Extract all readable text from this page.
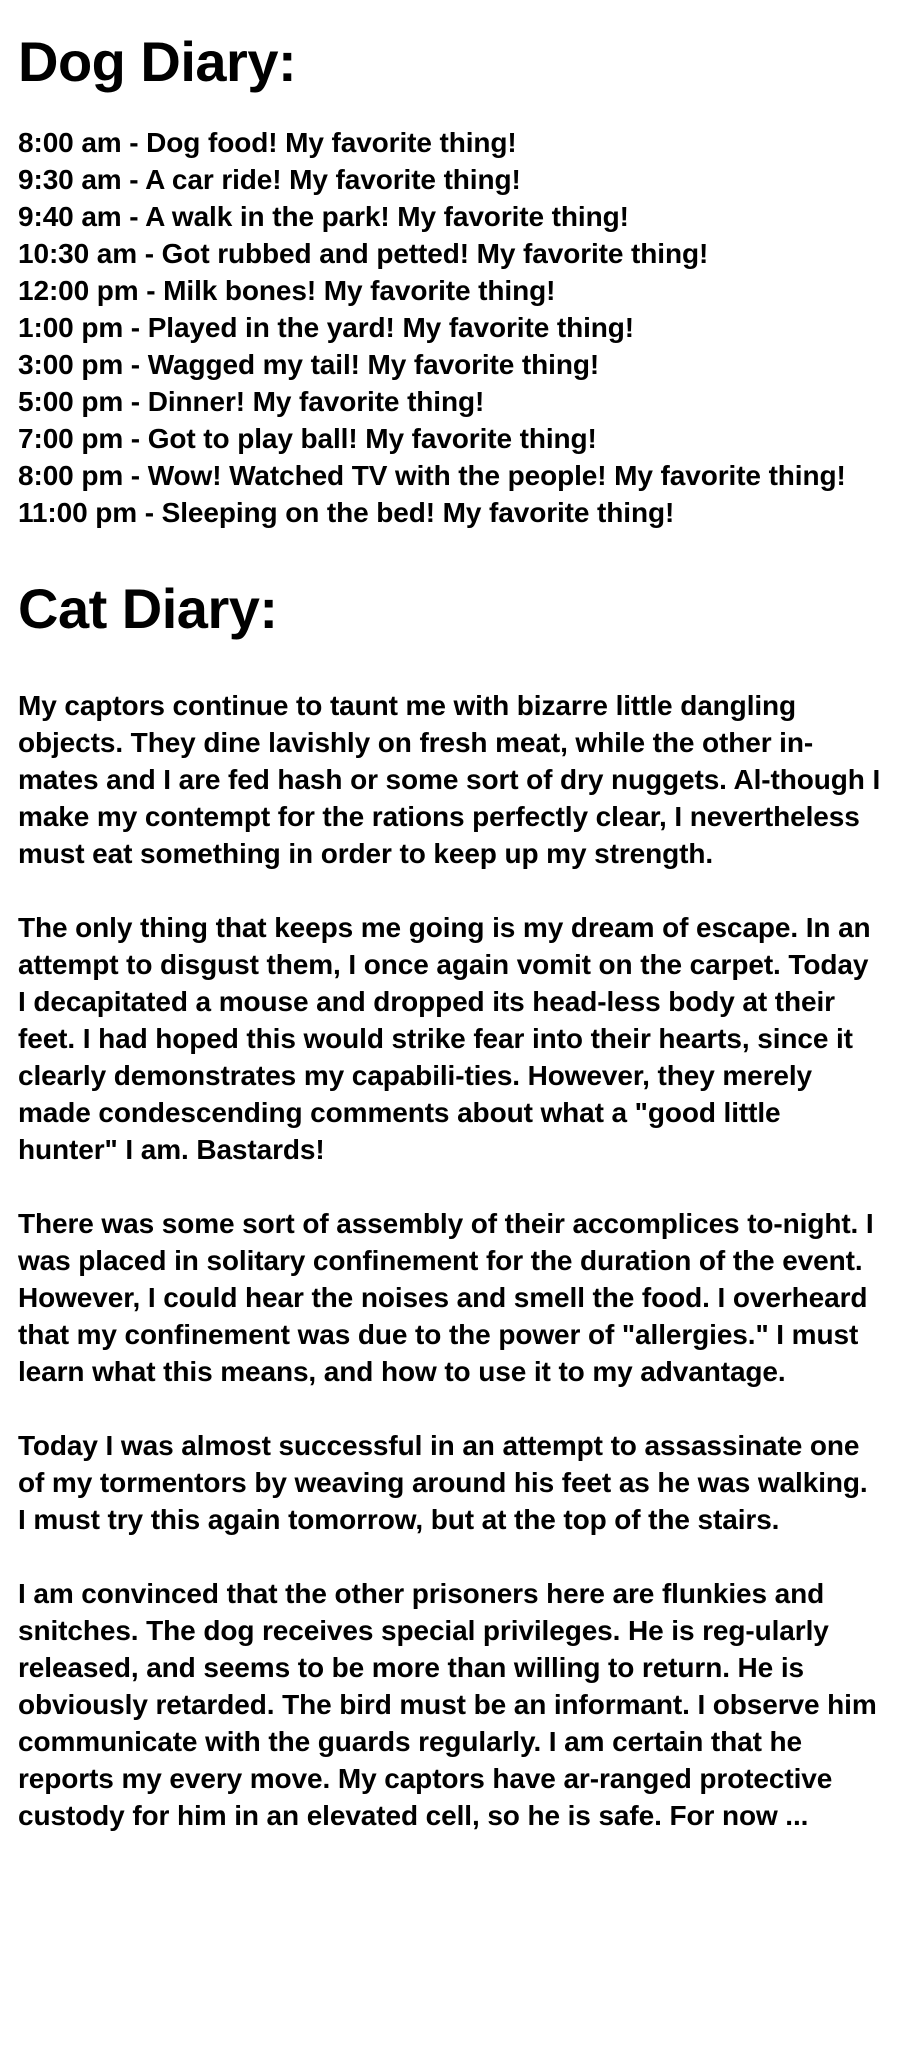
Dog Diary:
8:00 am - Dog food! My favorite thing!
9:30 am - A car ride! My favorite thing!
9:40 am - A walk in the park! My favorite thing!
10:30 am - Got rubbed and petted! My favorite thing!
12:00 pm - Milk bones! My favorite thing!
1:00 pm - Played in the yard! My favorite thing!
3:00 pm - Wagged my tail! My favorite thing!
5:00 pm - Dinner! My favorite thing!
7:00 pm - Got to play ball! My favorite thing!
8:00 pm - Wow! Watched TV with the people! My favorite thing!
11:00 pm - Sleeping on the bed! My favorite thing!
Cat Diary:

My captors continue to taunt me with bizarre little dangling objects. They dine lavishly on fresh meat, while the other in-mates and I are fed hash or some sort of dry nuggets. Al-though I make my contempt for the rations perfectly clear, I nevertheless must eat something in order to keep up my strength.

The only thing that keeps me going is my dream of escape. In an attempt to disgust them, I once again vomit on the carpet. Today I decapitated a mouse and dropped its head-less body at their feet. I had hoped this would strike fear into their hearts, since it clearly demonstrates my capabili-ties. However, they merely made condescending comments about what a "good little hunter" I am. Bastards!

There was some sort of assembly of their accomplices to-night. I was placed in solitary confinement for the duration of the event. However, I could hear the noises and smell the food. I overheard that my confinement was due to the power of "allergies." I must learn what this means, and how to use it to my advantage.

Today I was almost successful in an attempt to assassinate one of my tormentors by weaving around his feet as he was walking. I must try this again tomorrow, but at the top of the stairs.

I am convinced that the other prisoners here are flunkies and snitches. The dog receives special privileges. He is reg-ularly released, and seems to be more than willing to return. He is obviously retarded. The bird must be an informant. I observe him communicate with the guards regularly. I am certain that he reports my every move. My captors have ar-ranged protective custody for him in an elevated cell, so he is safe. For now ...
